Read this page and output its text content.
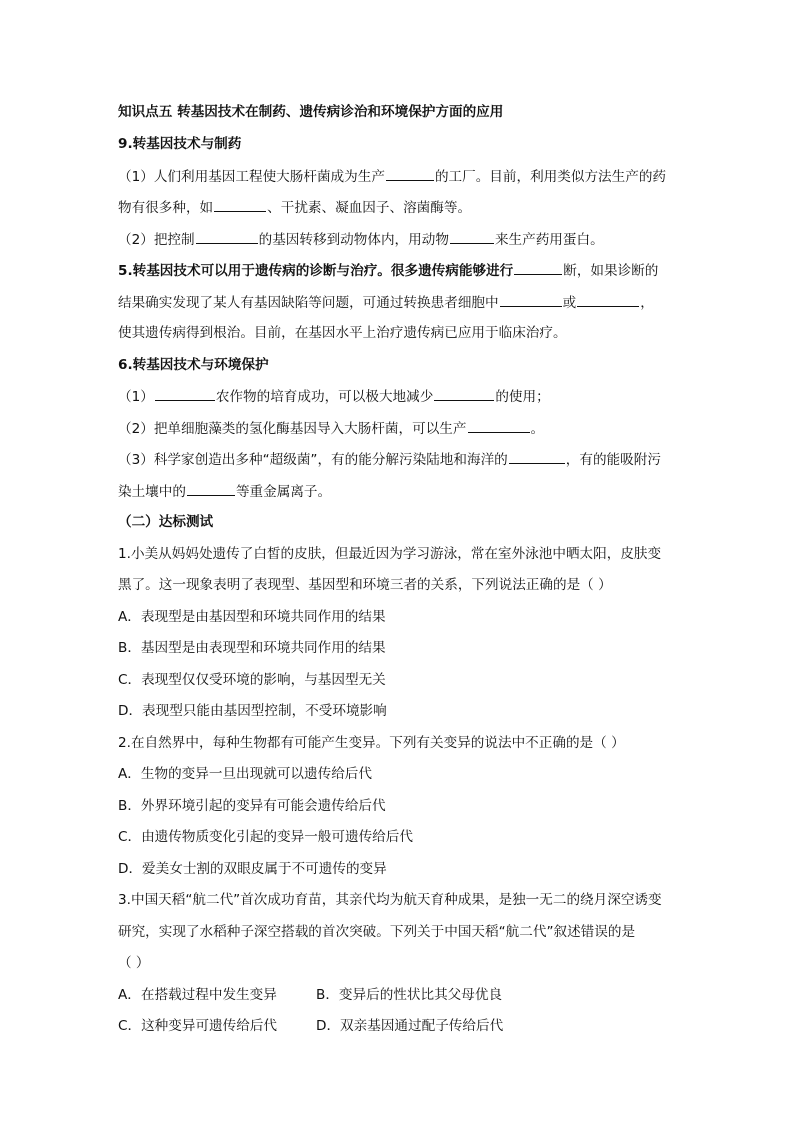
知识点五 转基因技术在制药、遗传病诊治和环境保护方面的应用
9.转基因技术与制药
（1）人们利用基因工程使大肠杆菌成为生产	的工厂。目前，利用类似方法生产的药
物有很多种，如	、干扰素、凝血因子、溶菌酶等。
（2）把控制	的基因转移到动物体内，用动物	来生产药用蛋白。
5.转基因技术可以用于遗传病的诊断与治疗。很多遗传病能够进行	断，如果诊断的
结果确实发现了某人有基因缺陷等问题，可通过转换患者细胞中	或	，
使其遗传病得到根治。目前，在基因水平上治疗遗传病已应用于临床治疗。
6.转基因技术与环境保护
（1）	农作物的培育成功，可以极大地减少	的使用；
（2）把单细胞藻类的氢化酶基因导入大肠杆菌，可以生产	。
（3）科学家创造出多种“超级菌”，有的能分解污染陆地和海洋的	，有的能吸附污
染土壤中的	等重金属离子。
（二）达标测试
1.小美从妈妈处遗传了白皙的皮肤，但最近因为学习游泳，常在室外泳池中晒太阳，皮肤变
黑了。这一现象表明了表现型、基因型和环境三者的关系，下列说法正确的是（ ）
A．表现型是由基因型和环境共同作用的结果
B．基因型是由表现型和环境共同作用的结果
C．表现型仅仅受环境的影响，与基因型无关
D．表现型只能由基因型控制，不受环境影响
2.在自然界中，每种生物都有可能产生变异。下列有关变异的说法中不正确的是（ ）
A．生物的变异一旦出现就可以遗传给后代
B．外界环境引起的变异有可能会遗传给后代
C．由遗传物质变化引起的变异一般可遗传给后代
D．爱美女士割的双眼皮属于不可遗传的变异
3.中国天稻“航二代”首次成功育苗，其亲代均为航天育种成果，是独一无二的绕月深空诱变
研究，实现了水稻种子深空搭载的首次突破。下列关于中国天稻“航二代”叙述错误的是
（ ）
A．在搭载过程中发生变异	B．变异后的性状比其父母优良
C．这种变异可遗传给后代	D．双亲基因通过配子传给后代
